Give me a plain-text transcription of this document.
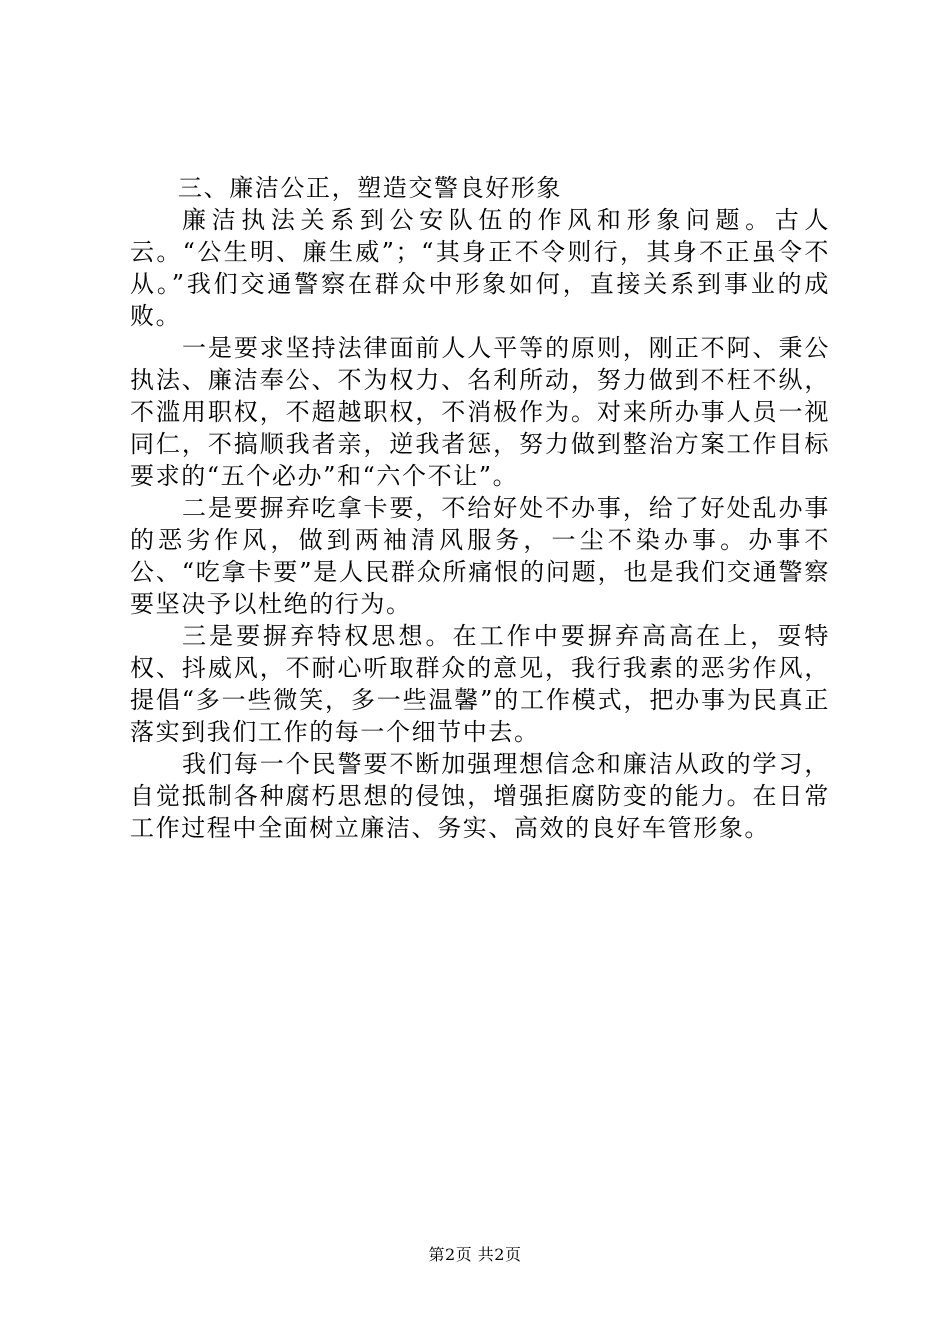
三、廉洁公正，塑造交警良好形象

廉洁执法关系到公安队伍的作风和形象问题。古人云。“公生明、廉生威”；“其身正不令则行，其身不正虽令不从。”我们交通警察在群众中形象如何，直接关系到事业的成败。

一是要求坚持法律面前人人平等的原则，刚正不阿、秉公执法、廉洁奉公、不为权力、名利所动，努力做到不枉不纵，不滥用职权，不超越职权，不消极作为。对来所办事人员一视同仁，不搞顺我者亲，逆我者惩，努力做到整治方案工作目标要求的“五个必办”和“六个不让”。

二是要摒弃吃拿卡要，不给好处不办事，给了好处乱办事的恶劣作风，做到两袖清风服务，一尘不染办事。办事不公、“吃拿卡要”是人民群众所痛恨的问题，也是我们交通警察要坚决予以杜绝的行为。

三是要摒弃特权思想。在工作中要摒弃高高在上，耍特权、抖威风，不耐心听取群众的意见，我行我素的恶劣作风，提倡“多一些微笑，多一些温馨”的工作模式，把办事为民真正落实到我们工作的每一个细节中去。

我们每一个民警要不断加强理想信念和廉洁从政的学习，自觉抵制各种腐朽思想的侵蚀，增强拒腐防变的能力。在日常工作过程中全面树立廉洁、务实、高效的良好车管形象。

第2页 共2页
